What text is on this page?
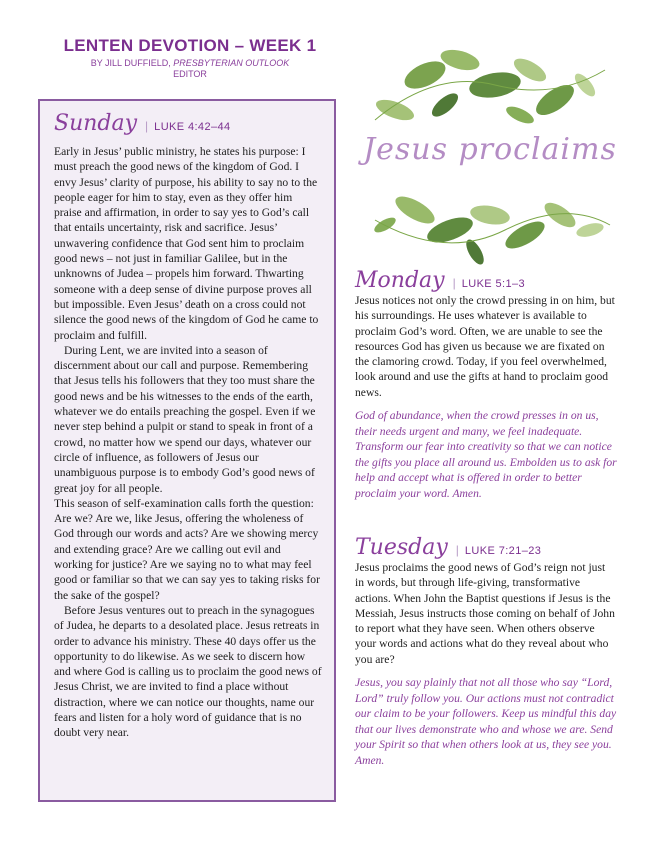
LENTEN DEVOTION – WEEK 1
BY JILL DUFFIELD, PRESBYTERIAN OUTLOOK
EDITOR
Sunday | LUKE 4:42–44

Early in Jesus’ public ministry, he states his purpose: I must preach the good news of the kingdom of God. I envy Jesus’ clarity of purpose, his ability to say no to the people eager for him to stay, even as they offer him praise and affirmation, in order to say yes to God’s call that entails uncertainty, risk and sacrifice. Jesus’ unwavering confidence that God sent him to proclaim good news – not just in familiar Galilee, but in the unknowns of Judea – propels him forward. Thwarting someone with a deep sense of divine purpose proves all but impossible. Even Jesus’ death on a cross could not silence the good news of the kingdom of God he came to proclaim and fulfill.

During Lent, we are invited into a season of discernment about our call and purpose. Remembering that Jesus tells his followers that they too must share the good news and be his witnesses to the ends of the earth, whatever we do entails preaching the gospel. Even if we never step behind a pulpit or stand to speak in front of a crowd, no matter how we spend our days, whatever our circle of influence, as followers of Jesus our unambiguous purpose is to embody God’s good news of great joy for all people.

This season of self-examination calls forth the question: Are we? Are we, like Jesus, offering the wholeness of God through our words and acts? Are we showing mercy and extending grace? Are we calling out evil and working for justice? Are we saying no to what may feel good or familiar so that we can say yes to taking risks for the sake of the gospel?

Before Jesus ventures out to preach in the synagogues of Judea, he departs to a desolated place. Jesus retreats in order to advance his ministry. These 40 days offer us the opportunity to do likewise. As we seek to discern how and where God is calling us to proclaim the good news of Jesus Christ, we are invited to find a place without distraction, where we can notice our thoughts, name our fears and listen for a holy word of guidance that is no doubt very near.

Jesus proclaims
Monday | LUKE 5:1–3

Jesus notices not only the crowd pressing in on him, but his surroundings. He uses whatever is available to proclaim God’s word. Often, we are unable to see the resources God has given us because we are fixated on the clamoring crowd. Today, if you feel overwhelmed, look around and use the gifts at hand to proclaim good news.

God of abundance, when the crowd presses in on us, their needs urgent and many, we feel inadequate. Transform our fear into creativity so that we can notice the gifts you place all around us. Embolden us to ask for help and accept what is offered in order to better proclaim your word. Amen.

Tuesday | LUKE 7:21–23

Jesus proclaims the good news of God’s reign not just in words, but through life-giving, transformative actions. When John the Baptist questions if Jesus is the Messiah, Jesus instructs those coming on behalf of John to report what they have seen. When others observe your words and actions what do they reveal about who you are?

Jesus, you say plainly that not all those who say “Lord, Lord” truly follow you. Our actions must not contradict our claim to be your followers. Keep us mindful this day that our lives demonstrate who and whose we are. Send your Spirit so that when others look at us, they see you. Amen.
